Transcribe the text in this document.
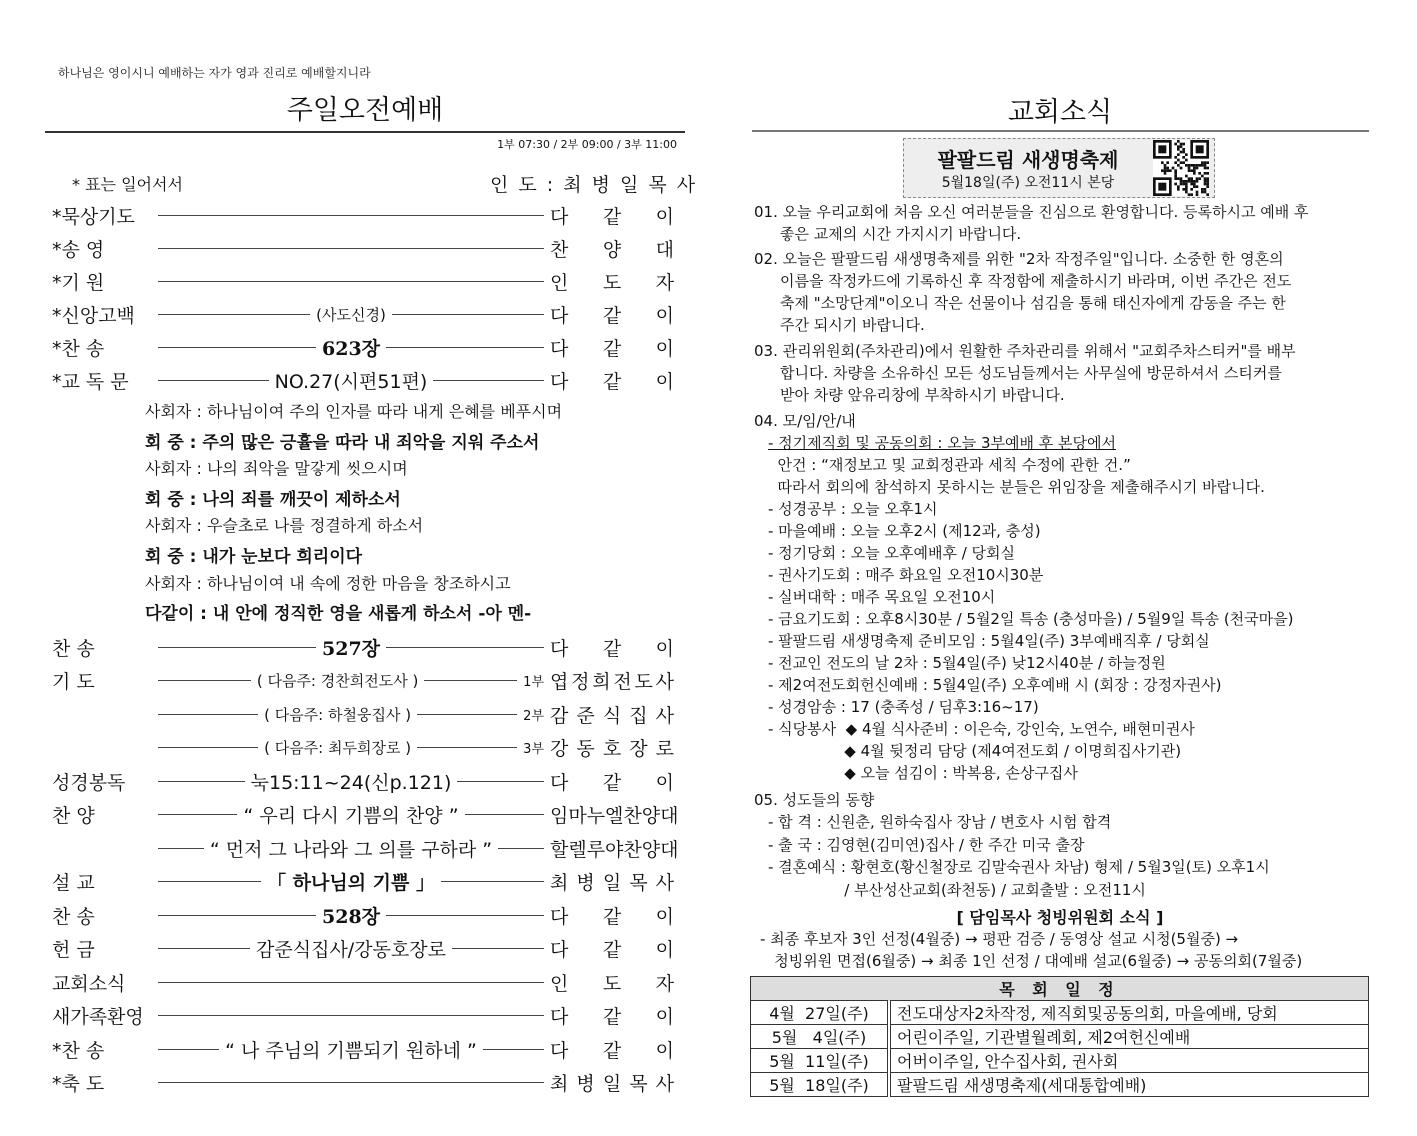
하나님은 영이시니 예배하는 자가 영과 진리로 예배할지니라
주일오전예배
1부 07:30 / 2부 09:00 / 3부 11:00
* 표는 일어서서	인 도 : 최 병 일 목 사
*묵상기도	다 같 이
*송 영	찬 양 대
*기 원	인 도 자
*신앙고백	(사도신경)	다 같 이
*찬 송	623장	다 같 이
*교 독 문	NO.27(시편51편)	다 같 이
사회자 : 하나님이여 주의 인자를 따라 내게 은혜를 베푸시며
회 중 : 주의 많은 긍휼을 따라 내 죄악을 지워 주소서
사회자 : 나의 죄악을 말갛게 씻으시며
회 중 : 나의 죄를 깨끗이 제하소서
사회자 : 우슬초로 나를 정결하게 하소서
회 중 : 내가 눈보다 희리이다
사회자 : 하나님이여 내 속에 정한 마음을 창조하시고
다같이 : 내 안에 정직한 영을 새롭게 하소서 -아 멘-
찬 송	527장	다 같 이
기 도	( 다음주: 경찬희전도사 )	1부 엽 정 희 전 도 사
( 다음주: 하철웅집사 )	2부 감 준 식 집 사
( 다음주: 최두희장로 )	3부 강 동 호 장 로
성경봉독	눅15:11~24(신p.121)	다 같 이
찬 양	“ 우리 다시 기쁨의 찬양 ”	임마누엘찬양대
“ 먼저 그 나라와 그 의를 구하라 ”	할렐루야찬양대
설 교	「 하나님의 기쁨 」	최 병 일 목 사
찬 송	528장	다 같 이
헌 금	감준식집사/강동호장로	다 같 이
교회소식	인 도 자
새가족환영	다 같 이
*찬 송	“ 나 주님의 기쁨되기 원하네 ”	다 같 이
*축 도	최 병 일 목 사
교회소식
팔팔드림 새생명축제
5월18일(주) 오전11시 본당
01. 오늘 우리교회에 처음 오신 여러분들을 진심으로 환영합니다. 등록하시고 예배 후
좋은 교제의 시간 가지시기 바랍니다.
02. 오늘은 팔팔드림 새생명축제를 위한 "2차 작정주일"입니다. 소중한 한 영혼의
이름을 작정카드에 기록하신 후 작정함에 제출하시기 바라며, 이번 주간은 전도
축제 "소망단계"이오니 작은 선물이나 섬김을 통해 태신자에게 감동을 주는 한
주간 되시기 바랍니다.
03. 관리위원회(주차관리)에서 원활한 주차관리를 위해서 "교회주차스티커"를 배부
합니다. 차량을 소유하신 모든 성도님들께서는 사무실에 방문하셔서 스티커를
받아 차량 앞유리창에 부착하시기 바랍니다.
04. 모/임/안/내
- 정기제직회 및 공동의회 : 오늘 3부예배 후 본당에서
안건 : “재정보고 및 교회정관과 세칙 수정에 관한 건.”
따라서 회의에 참석하지 못하시는 분들은 위임장을 제출해주시기 바랍니다.
- 성경공부 : 오늘 오후1시
- 마을예배 : 오늘 오후2시 (제12과, 충성)
- 정기당회 : 오늘 오후예배후 / 당회실
- 권사기도회 : 매주 화요일 오전10시30분
- 실버대학 : 매주 목요일 오전10시
- 금요기도회 : 오후8시30분 / 5월2일 특송 (충성마을) / 5월9일 특송 (천국마을)
- 팔팔드림 새생명축제 준비모임 : 5월4일(주) 3부예배직후 / 당회실
- 전교인 전도의 날 2차 : 5월4일(주) 낮12시40분 / 하늘정원
- 제2여전도회헌신예배 : 5월4일(주) 오후예배 시 (회장 : 강정자권사)
- 성경암송 : 17 (충족성 / 딤후3:16~17)
- 식당봉사  ◆ 4월 식사준비 : 이은숙, 강인숙, 노연수, 배현미권사
◆ 4월 뒷정리 담당 (제4여전도회 / 이명희집사기관)
◆ 오늘 섬김이 : 박복용, 손상구집사
05. 성도들의 동향
- 합 격 : 신원춘, 원하숙집사 장남 / 변호사 시험 합격
- 출 국 : 김영현(김미연)집사 / 한 주간 미국 출장
- 결혼예식 : 황현호(황신철장로 김말숙권사 차남) 형제 / 5월3일(토) 오후1시
/ 부산성산교회(좌천동) / 교회출발 : 오전11시
[ 담임목사 청빙위원회 소식 ]
- 최종 후보자 3인 선정(4월중) → 평판 검증 / 동영상 설교 시청(5월중) →
청빙위원 면접(6월중) → 최종 1인 선정 / 대예배 설교(6월중) → 공동의회(7월중)
목 회 일 정	
4월  27일(주)	전도대상자2차작정, 제직회및공동의회, 마을예배, 당회
5월   4일(주)	어린이주일, 기관별월례회, 제2여헌신예배
5월  11일(주)	어버이주일, 안수집사회, 권사회
5월  18일(주)	팔팔드림 새생명축제(세대통합예배)
